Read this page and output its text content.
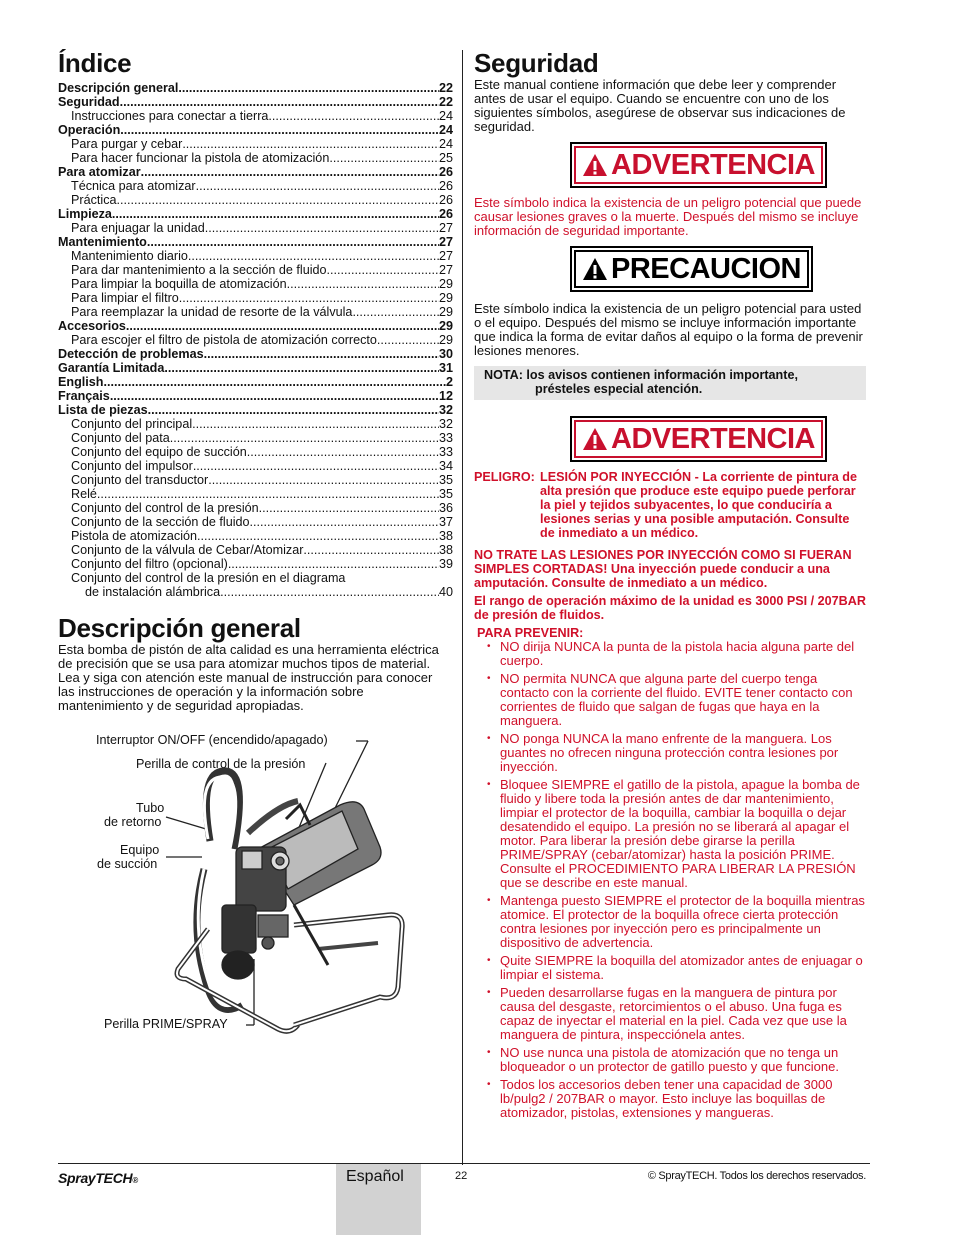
Índice
Descripción general .....	22
Seguridad .....	22
Instrucciones para conectar a tierra .....	24
Operación .....	24
Para purgar y cebar .....	24
Para hacer funcionar la pistola de atomización .....	25
Para atomizar .....	26
Técnica para atomizar .....	26
Práctica .....	26
Limpieza .....	26
Para enjuagar la unidad .....	27
Mantenimiento .....	27
Mantenimiento diario .....	27
Para dar mantenimiento a la sección de fluido .....	27
Para limpiar la boquilla de atomización .....	29
Para limpiar el filtro .....	29
Para reemplazar la unidad de resorte de la válvula .....	29
Accesorios .....	29
Para escojer el filtro de pistola de atomización correcto .....	29
Detección de problemas .....	30
Garantía Limitada .....	31
English .....	2
Français .....	12
Lista de piezas .....	32
Conjunto del principal .....	32
Conjunto del pata .....	33
Conjunto del equipo de succión .....	33
Conjunto del impulsor .....	34
Conjunto del transductor .....	35
Relé .....	35
Conjunto del control de la presión .....	36
Conjunto de la sección de fluido .....	37
Pistola de atomización .....	38
Conjunto de la válvula de Cebar/Atomizar .....	38
Conjunto del filtro (opcional) .....	39
Conjunto del control de la presión en el diagrama
de instalación alámbrica .....	40
Descripción general

Esta bomba de pistón de alta calidad es una herramienta eléctrica de precisión que se usa para atomizar muchos tipos de material. Lea y siga con atención este manual de instrucción para conocer las instrucciones de operación y la información sobre mantenimiento y de seguridad apropiadas.

Interruptor ON/OFF (encendido/apagado)
Perilla de control de la presión
Tubo
de retorno
Equipo
de succión
Perilla PRIME/SPRAY
Seguridad

Este manual contiene información que debe leer y comprender antes de usar el equipo. Cuando se encuentre con uno de los siguientes símbolos, asegúrese de observar sus indicaciones de seguridad.

ADVERTENCIA

Este símbolo indica la existencia de un peligro potencial que puede causar lesiones graves o la muerte. Después del mismo se incluye información de seguridad importante.

PRECAUCION

Este símbolo indica la existencia de un peligro potencial para usted o el equipo. Después del mismo se incluye información importante que indica la forma de evitar daños al equipo o la forma de prevenir lesiones menores.

NOTA: los avisos contienen información importante,
présteles especial atención.
ADVERTENCIA
PELIGRO: LESIÓN POR INYECCIÓN - La corriente de pintura de alta presión que produce este equipo puede perforar la piel y tejidos subyacentes, lo que conduciría a lesiones serias y una posible amputación. Consulte de inmediato a un médico.

NO TRATE LAS LESIONES POR INYECCIÓN COMO SI FUERAN SIMPLES CORTADAS! Una inyección puede conducir a una amputación. Consulte de inmediato a un médico.

El rango de operación máximo de la unidad es 3000 PSI / 207BAR de presión de fluidos.

PARA PREVENIR:
• NO dirija NUNCA la punta de la pistola hacia alguna parte del cuerpo.
• NO permita NUNCA que alguna parte del cuerpo tenga contacto con la corriente del fluido. EVITE tener contacto con corrientes de fluido que salgan de fugas que haya en la manguera.
• NO ponga NUNCA la mano enfrente de la manguera. Los guantes no ofrecen ninguna protección contra lesiones por inyección.
• Bloquee SIEMPRE el gatillo de la pistola, apague la bomba de fluido y libere toda la presión antes de dar mantenimiento, limpiar el protector de la boquilla, cambiar la boquilla o dejar desatendido el equipo. La presión no se liberará al apagar el motor. Para liberar la presión debe girarse la perilla PRIME/SPRAY (cebar/atomizar) hasta la posición PRIME. Consulte el PROCEDIMIENTO PARA LIBERAR LA PRESIÓN que se describe en este manual.
• Mantenga puesto SIEMPRE el protector de la boquilla mientras atomice. El protector de la boquilla ofrece cierta protección contra lesiones por inyección pero es principalmente un dispositivo de advertencia.
• Quite SIEMPRE la boquilla del atomizador antes de enjuagar o limpiar el sistema.
• Pueden desarrollarse fugas en la manguera de pintura por causa del desgaste, retorcimientos o el abuso. Una fuga es capaz de inyectar el material en la piel. Cada vez que use la manguera de pintura, inspecciónela antes.
• NO use nunca una pistola de atomización que no tenga un bloqueador o un protector de gatillo puesto y que funcione.
• Todos los accesorios deben tener una capacidad de 3000 lb/pulg2 / 207BAR o mayor. Esto incluye las boquillas de atomizador, pistolas, extensiones y mangueras.
Español
SprayTECH®	22	© SprayTECH. Todos los derechos reservados.
